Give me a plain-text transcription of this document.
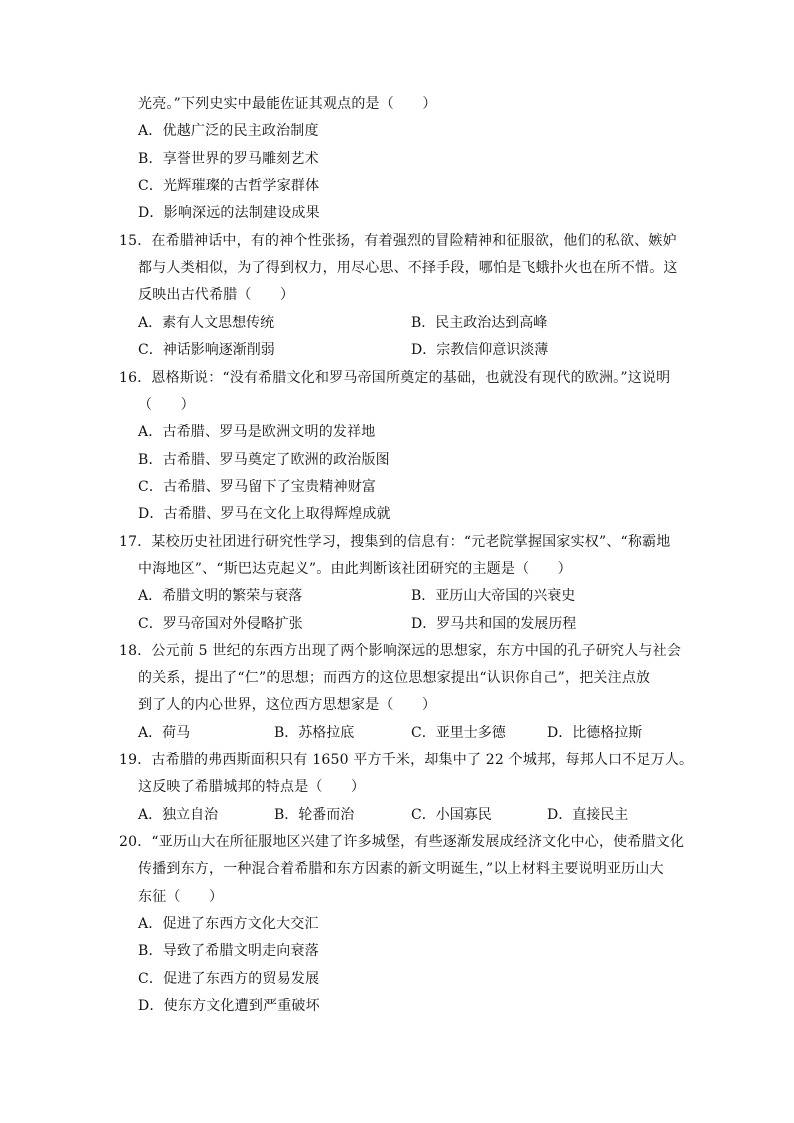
光亮。”下列史实中最能佐证其观点的是（　　）
A．优越广泛的民主政治制度
B．享誉世界的罗马雕刻艺术
C．光辉璀璨的古哲学家群体
D．影响深远的法制建设成果
15．在希腊神话中，有的神个性张扬，有着强烈的冒险精神和征服欲，他们的私欲、嫉妒
都与人类相似，为了得到权力，用尽心思、不择手段，哪怕是飞蛾扑火也在所不惜。这
反映出古代希腊（　　）
A．素有人文思想传统	B．民主政治达到高峰
C．神话影响逐渐削弱	D．宗教信仰意识淡薄
16．恩格斯说：“没有希腊文化和罗马帝国所奠定的基础，也就没有现代的欧洲。”这说明
（　　）
A．古希腊、罗马是欧洲文明的发祥地
B．古希腊、罗马奠定了欧洲的政治版图
C．古希腊、罗马留下了宝贵精神财富
D．古希腊、罗马在文化上取得辉煌成就
17．某校历史社团进行研究性学习，搜集到的信息有：“元老院掌握国家实权”、“称霸地
中海地区”、“斯巴达克起义”。由此判断该社团研究的主题是（　　）
A．希腊文明的繁荣与衰落	B．亚历山大帝国的兴衰史
C．罗马帝国对外侵略扩张	D．罗马共和国的发展历程
18．公元前 5 世纪的东西方出现了两个影响深远的思想家，东方中国的孔子研究人与社会
的关系，提出了“仁”的思想；而西方的这位思想家提出“认识你自己”，把关注点放
到了人的内心世界，这位西方思想家是（　　）
A．荷马	B．苏格拉底	C．亚里士多德	D．比德格拉斯
19．古希腊的弗西斯面积只有 1650 平方千米，却集中了 22 个城邦，每邦人口不足万人。
这反映了希腊城邦的特点是（　　）
A．独立自治	B．轮番而治	C．小国寡民	D．直接民主
20．“亚历山大在所征服地区兴建了许多城堡，有些逐渐发展成经济文化中心，使希腊文化
传播到东方，一种混合着希腊和东方因素的新文明诞生，”以上材料主要说明亚历山大
东征（　　）
A．促进了东西方文化大交汇
B．导致了希腊文明走向衰落
C．促进了东西方的贸易发展
D．使东方文化遭到严重破坏
